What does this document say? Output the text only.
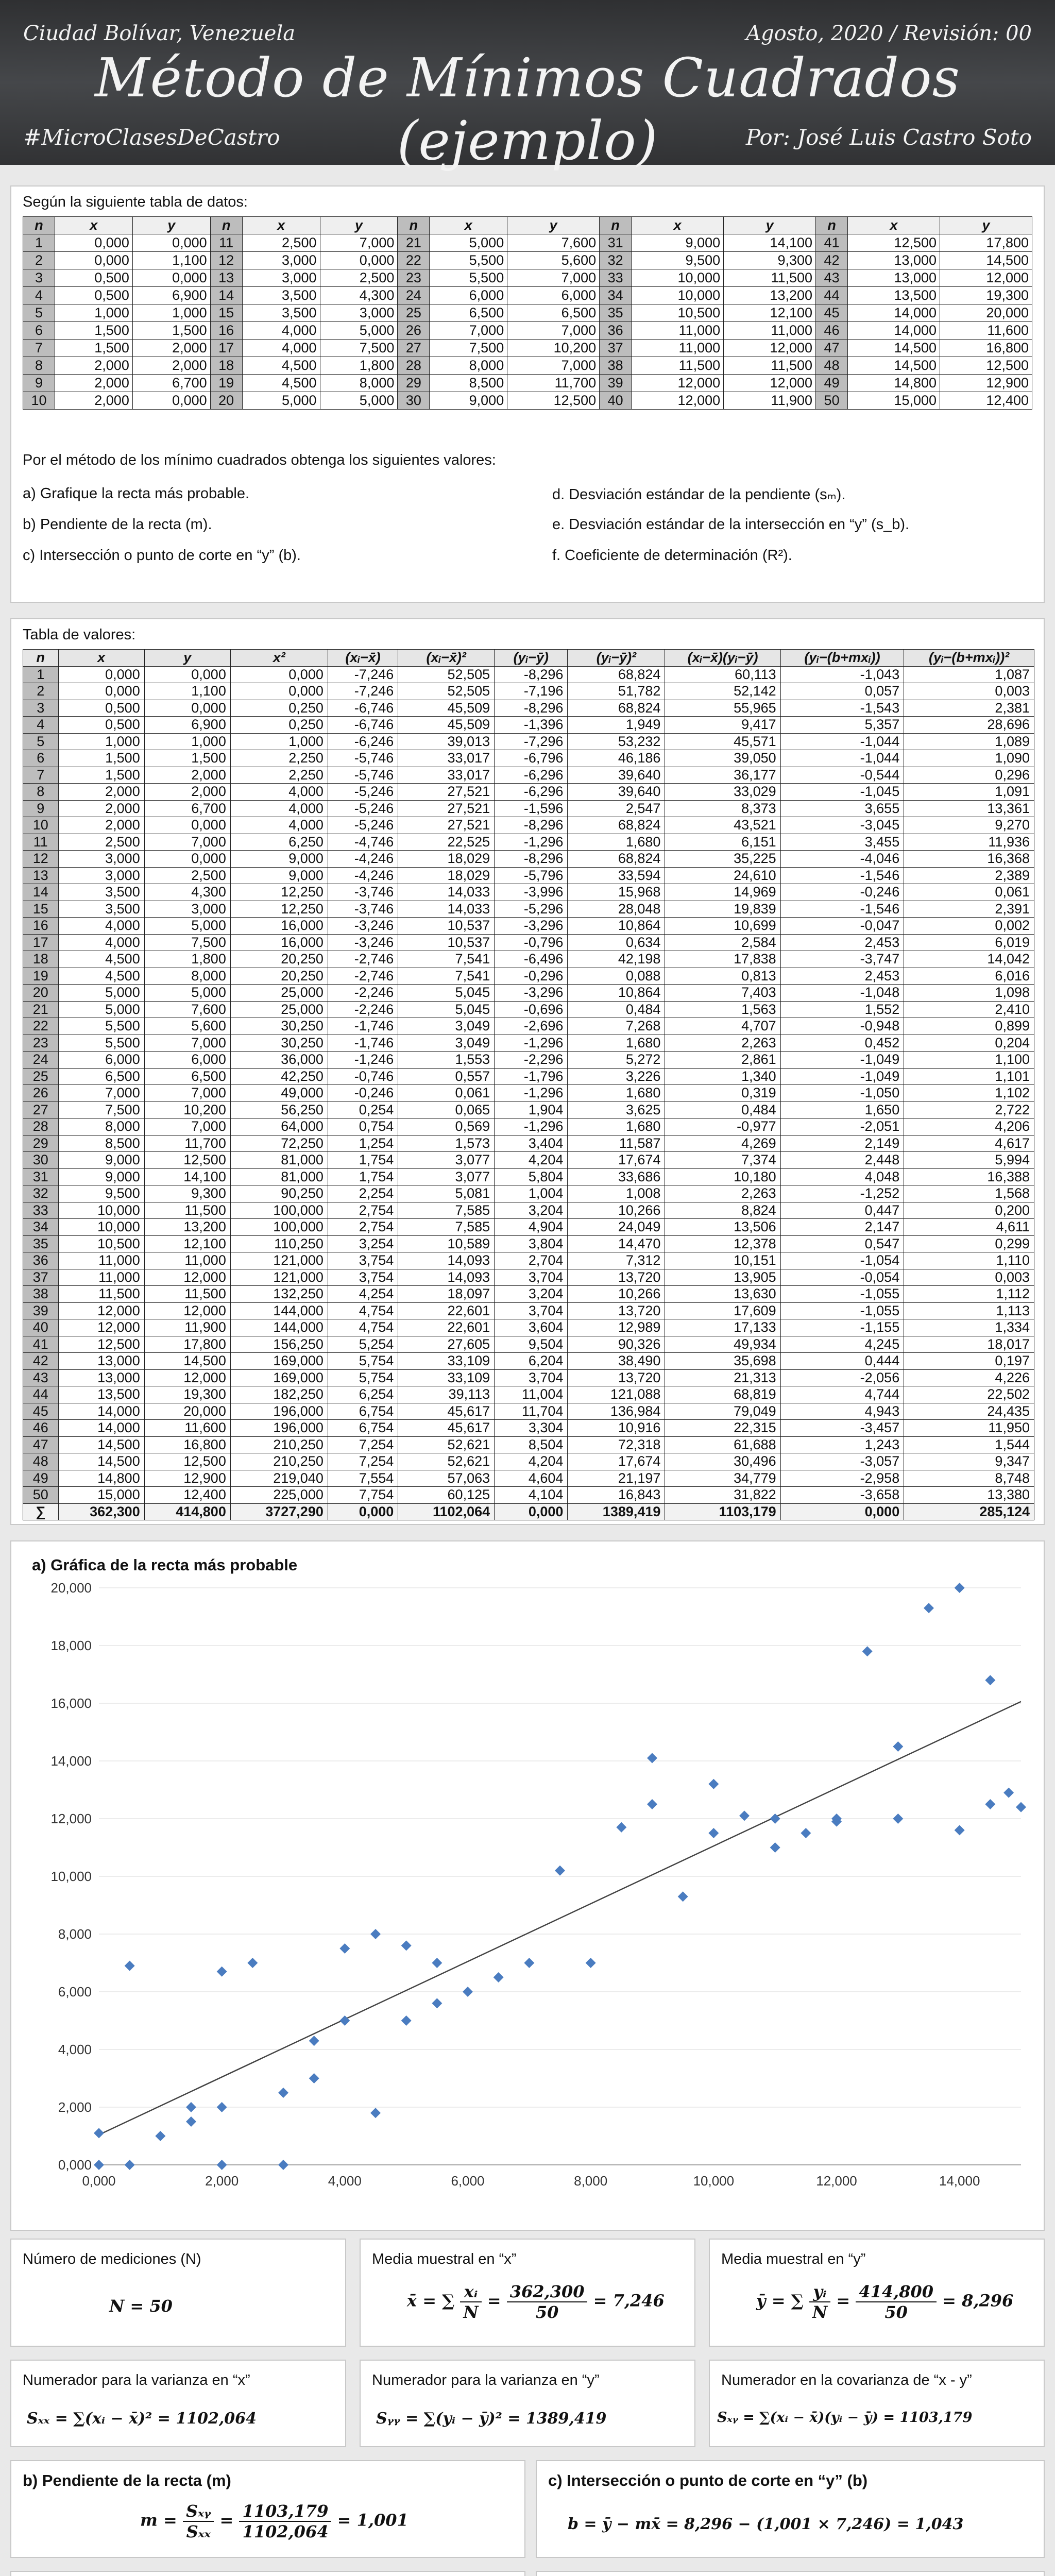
Ciudad Bolívar, Venezuela	Agosto, 2020 / Revisión: 00
Método de Mínimos Cuadrados (ejemplo)
#MicroClasesDeCastro	Por: José Luis Castro Soto
Según la siguiente tabla de datos:
n	x	y	n	x	y	n	x	y	n	x	y	n	x	y
1	0,000	0,000	11	2,500	7,000	21	5,000	7,600	31	9,000	14,100	41	12,500	17,800
2	0,000	1,100	12	3,000	0,000	22	5,500	5,600	32	9,500	9,300	42	13,000	14,500
3	0,500	0,000	13	3,000	2,500	23	5,500	7,000	33	10,000	11,500	43	13,000	12,000
4	0,500	6,900	14	3,500	4,300	24	6,000	6,000	34	10,000	13,200	44	13,500	19,300
5	1,000	1,000	15	3,500	3,000	25	6,500	6,500	35	10,500	12,100	45	14,000	20,000
6	1,500	1,500	16	4,000	5,000	26	7,000	7,000	36	11,000	11,000	46	14,000	11,600
7	1,500	2,000	17	4,000	7,500	27	7,500	10,200	37	11,000	12,000	47	14,500	16,800
8	2,000	2,000	18	4,500	1,800	28	8,000	7,000	38	11,500	11,500	48	14,500	12,500
9	2,000	6,700	19	4,500	8,000	29	8,500	11,700	39	12,000	12,000	49	14,800	12,900
10	2,000	0,000	20	5,000	5,000	30	9,000	12,500	40	12,000	11,900	50	15,000	12,400
Por el método de los mínimo cuadrados obtenga los siguientes valores:
a) Grafique la recta más probable.
b) Pendiente de la recta (m).
c) Intersección o punto de corte en “y” (b).
d. Desviación estándar de la pendiente (sₘ).
e. Desviación estándar de la intersección en “y” (s_b).
f. Coeficiente de determinación (R²).
Tabla de valores:
n	x	y	x²	(xᵢ−x̄)	(xᵢ−x̄)²	(yᵢ−ȳ)	(yᵢ−ȳ)²	(xᵢ−x̄)(yᵢ−ȳ)	(yᵢ−(b+mxᵢ))	(yᵢ−(b+mxᵢ))²
1	0,000	0,000	0,000	-7,246	52,505	-8,296	68,824	60,113	-1,043	1,087
2	0,000	1,100	0,000	-7,246	52,505	-7,196	51,782	52,142	0,057	0,003
3	0,500	0,000	0,250	-6,746	45,509	-8,296	68,824	55,965	-1,543	2,381
4	0,500	6,900	0,250	-6,746	45,509	-1,396	1,949	9,417	5,357	28,696
5	1,000	1,000	1,000	-6,246	39,013	-7,296	53,232	45,571	-1,044	1,089
6	1,500	1,500	2,250	-5,746	33,017	-6,796	46,186	39,050	-1,044	1,090
7	1,500	2,000	2,250	-5,746	33,017	-6,296	39,640	36,177	-0,544	0,296
8	2,000	2,000	4,000	-5,246	27,521	-6,296	39,640	33,029	-1,045	1,091
9	2,000	6,700	4,000	-5,246	27,521	-1,596	2,547	8,373	3,655	13,361
10	2,000	0,000	4,000	-5,246	27,521	-8,296	68,824	43,521	-3,045	9,270
11	2,500	7,000	6,250	-4,746	22,525	-1,296	1,680	6,151	3,455	11,936
12	3,000	0,000	9,000	-4,246	18,029	-8,296	68,824	35,225	-4,046	16,368
13	3,000	2,500	9,000	-4,246	18,029	-5,796	33,594	24,610	-1,546	2,389
14	3,500	4,300	12,250	-3,746	14,033	-3,996	15,968	14,969	-0,246	0,061
15	3,500	3,000	12,250	-3,746	14,033	-5,296	28,048	19,839	-1,546	2,391
16	4,000	5,000	16,000	-3,246	10,537	-3,296	10,864	10,699	-0,047	0,002
17	4,000	7,500	16,000	-3,246	10,537	-0,796	0,634	2,584	2,453	6,019
18	4,500	1,800	20,250	-2,746	7,541	-6,496	42,198	17,838	-3,747	14,042
19	4,500	8,000	20,250	-2,746	7,541	-0,296	0,088	0,813	2,453	6,016
20	5,000	5,000	25,000	-2,246	5,045	-3,296	10,864	7,403	-1,048	1,098
21	5,000	7,600	25,000	-2,246	5,045	-0,696	0,484	1,563	1,552	2,410
22	5,500	5,600	30,250	-1,746	3,049	-2,696	7,268	4,707	-0,948	0,899
23	5,500	7,000	30,250	-1,746	3,049	-1,296	1,680	2,263	0,452	0,204
24	6,000	6,000	36,000	-1,246	1,553	-2,296	5,272	2,861	-1,049	1,100
25	6,500	6,500	42,250	-0,746	0,557	-1,796	3,226	1,340	-1,049	1,101
26	7,000	7,000	49,000	-0,246	0,061	-1,296	1,680	0,319	-1,050	1,102
27	7,500	10,200	56,250	0,254	0,065	1,904	3,625	0,484	1,650	2,722
28	8,000	7,000	64,000	0,754	0,569	-1,296	1,680	-0,977	-2,051	4,206
29	8,500	11,700	72,250	1,254	1,573	3,404	11,587	4,269	2,149	4,617
30	9,000	12,500	81,000	1,754	3,077	4,204	17,674	7,374	2,448	5,994
31	9,000	14,100	81,000	1,754	3,077	5,804	33,686	10,180	4,048	16,388
32	9,500	9,300	90,250	2,254	5,081	1,004	1,008	2,263	-1,252	1,568
33	10,000	11,500	100,000	2,754	7,585	3,204	10,266	8,824	0,447	0,200
34	10,000	13,200	100,000	2,754	7,585	4,904	24,049	13,506	2,147	4,611
35	10,500	12,100	110,250	3,254	10,589	3,804	14,470	12,378	0,547	0,299
36	11,000	11,000	121,000	3,754	14,093	2,704	7,312	10,151	-1,054	1,110
37	11,000	12,000	121,000	3,754	14,093	3,704	13,720	13,905	-0,054	0,003
38	11,500	11,500	132,250	4,254	18,097	3,204	10,266	13,630	-1,055	1,112
39	12,000	12,000	144,000	4,754	22,601	3,704	13,720	17,609	-1,055	1,113
40	12,000	11,900	144,000	4,754	22,601	3,604	12,989	17,133	-1,155	1,334
41	12,500	17,800	156,250	5,254	27,605	9,504	90,326	49,934	4,245	18,017
42	13,000	14,500	169,000	5,754	33,109	6,204	38,490	35,698	0,444	0,197
43	13,000	12,000	169,000	5,754	33,109	3,704	13,720	21,313	-2,056	4,226
44	13,500	19,300	182,250	6,254	39,113	11,004	121,088	68,819	4,744	22,502
45	14,000	20,000	196,000	6,754	45,617	11,704	136,984	79,049	4,943	24,435
46	14,000	11,600	196,000	6,754	45,617	3,304	10,916	22,315	-3,457	11,950
47	14,500	16,800	210,250	7,254	52,621	8,504	72,318	61,688	1,243	1,544
48	14,500	12,500	210,250	7,254	52,621	4,204	17,674	30,496	-3,057	9,347
49	14,800	12,900	219,040	7,554	57,063	4,604	21,197	34,779	-2,958	8,748
50	15,000	12,400	225,000	7,754	60,125	4,104	16,843	31,822	-3,658	13,380
∑	362,300	414,800	3727,290	0,000	1102,064	0,000	1389,419	1103,179	0,000	285,124
a) Gráfica de la recta más probable
0,000
2,000
4,000
6,000
8,000
10,000
12,000
14,000
16,000
18,000
20,000
0,000	2,000	4,000	6,000	8,000	10,000	12,000	14,000
Número de mediciones (N)
N = 50
Media muestral en “x”
x̄ = ∑ $\frac{\text{xᵢ}}{N} = \frac{362,300}{50} = 7,246$
Media muestral en “y”
ȳ = ∑ $\frac{\text{yᵢ}}{N} = \frac{414,800}{50} = 8,296$
Numerador para la varianza en “x”
Sₓₓ = ∑(xᵢ − x̄)² = 1102,064
Numerador para la varianza en “y”
Sᵧᵧ = ∑(yᵢ − ȳ)² = 1389,419
Numerador en la covarianza de “x - y”
Sₓᵧ = ∑(xᵢ − x̄)(yᵢ − ȳ) = 1103,179
b) Pendiente de la recta (m)
$m = \frac{\text{Sₓᵧ}}{\text{Sₓₓ}} = \frac{1103,179}{1102,064} = 1,001$
c) Intersección o punto de corte en “y” (b)
b = ȳ − mx̄ = 8,296 − (1,001 × 7,246) = 1,043
